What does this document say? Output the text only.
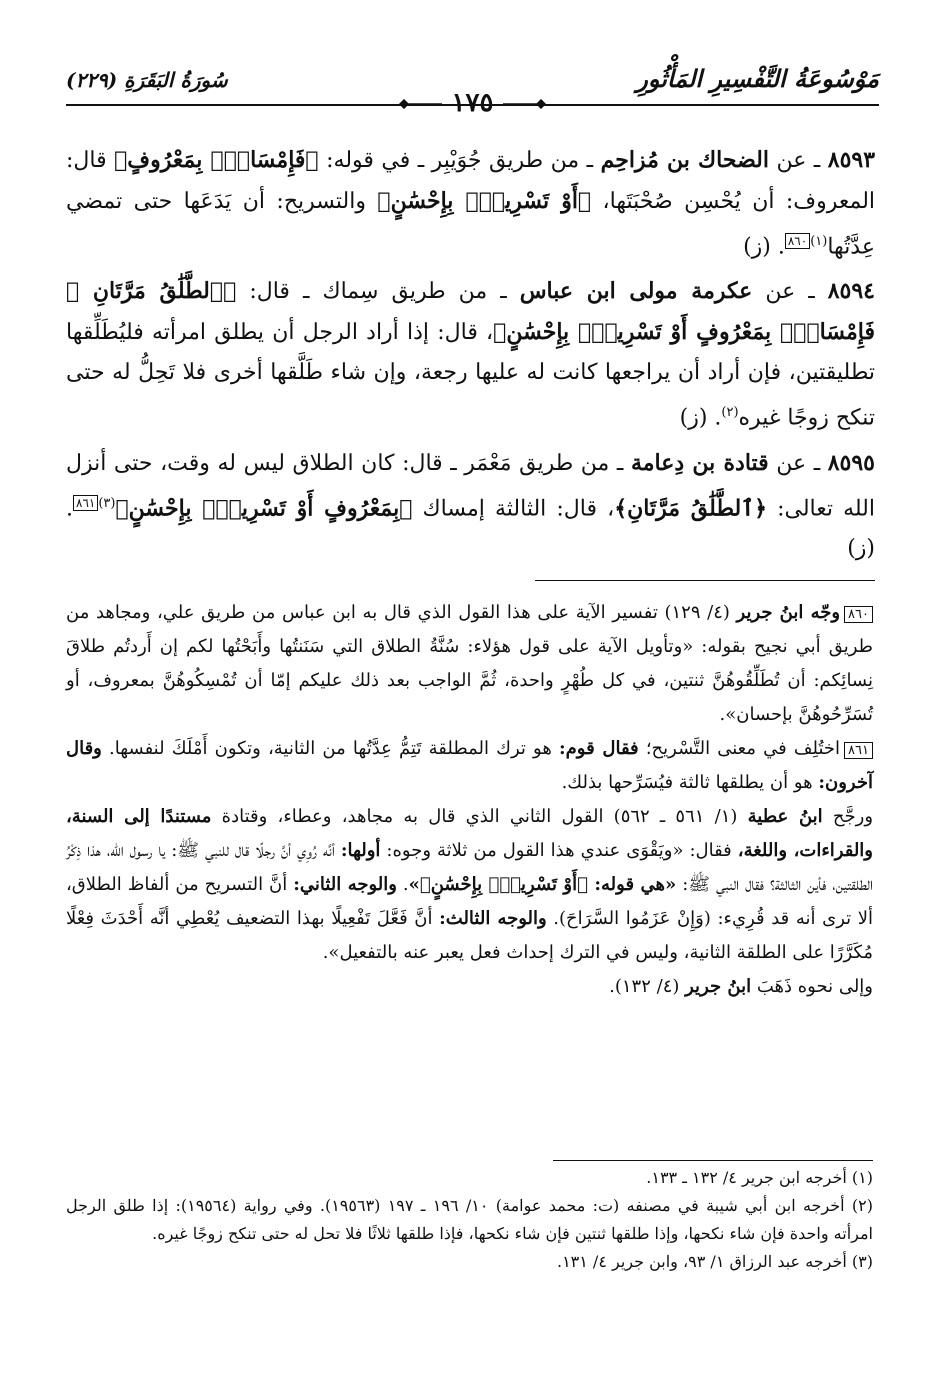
مَوْسُوعَةُ التَّفْسِيرِ المَأْثُورِ
سُورَةُ البَقَرَةِ (٢٢٩)
١٧٥

٨٥٩٣ ـ عن الضحاك بن مُزاحِم ـ من طريق جُوَيْبِر ـ في قوله: ﴿فَإِمْسَاكٌۢ بِمَعْرُوفٍ﴾ قال: المعروف: أن يُحْسِن صُحْبَتَها، ﴿أَوْ تَسْرِيحٌۢ بِإِحْسَٰنٍ﴾ والتسريح: أن يَدَعَها حتى تمضي عِدَّتُها$^{(١)}$٨٦٠. (ز)

٨٥٩٤ ـ عن عكرمة مولى ابن عباس ـ من طريق سِماك ـ قال: ﴿ٱلطَّلَٰقُ مَرَّتَانِ ۖ فَإِمْسَاكٌۢ بِمَعْرُوفٍ أَوْ تَسْرِيحٌۢ بِإِحْسَٰنٍ﴾، قال: إذا أراد الرجل أن يطلق امرأته فليُطَلِّقها تطليقتين، فإن أراد أن يراجعها كانت له عليها رجعة، وإن شاء طَلَّقها أخرى فلا تَحِلُّ له حتى تنكح زوجًا غيره$^{(٢)}$. (ز)

٨٥٩٥ ـ عن قتادة بن دِعامة ـ من طريق مَعْمَر ـ قال: كان الطلاق ليس له وقت، حتى أنزل الله تعالى: ﴿ٱلطَّلَٰقُ مَرَّتَانِ﴾، قال: الثالثة إمساك ﴿بِمَعْرُوفٍ أَوْ تَسْرِيحٌۢ بِإِحْسَٰنٍ﴾$^{(٣)}$٨٦١. (ز)

٨٦٠وجّه ابنُ جرير (٤/ ١٢٩) تفسير الآية على هذا القول الذي قال به ابن عباس من طريق علي، ومجاهد من طريق أبي نجيح بقوله: «وتأويل الآية على قول هؤلاء: سُنَّةُ الطلاق التي سَنَنتُها وأَبَحْتُها لكم إن أَردتُم طلاقَ نِسائِكم: أن تُطَلِّقُوهُنَّ ثنتين، في كل طُهْرٍ واحدة، ثُمَّ الواجب بعد ذلك عليكم إمّا أن تُمْسِكُوهُنَّ بمعروف، أو تُسَرِّحُوهُنَّ بإحسان».

٨٦١اختُلِف في معنى التَّسْريح؛ فقال قوم: هو ترك المطلقة تَتِمُّ عِدَّتُها من الثانية، وتكون أَمْلَكَ لنفسها. وقال آخرون: هو أن يطلقها ثالثة فيُسَرِّحها بذلك.

ورجَّح ابنُ عطية (١/ ٥٦١ ـ ٥٦٢) القول الثاني الذي قال به مجاهد، وعطاء، وقتادة مستندًا إلى السنة، والقراءات، واللغة، فقال: «ويَقْوَى عندي هذا القول من ثلاثة وجوه: أولها: أنَّه رُوِي أنَّ رجلًا قال للنبي ﷺ: يا رسول الله، هذا ذِكْرُ الطلقتين، فأين الثالثة؟ فقال النبي ﷺ: «هي قوله: ﴿أَوْ تَسْرِيحٌۢ بِإِحْسَٰنٍ﴾». والوجه الثاني: أنَّ التسريح من ألفاظ الطلاق، ألا ترى أنه قد قُرِيء: (وَإِنْ عَزَمُوا السَّرَاحَ). والوجه الثالث: أنَّ فَعَّلَ تَفْعِيلًا بهذا التضعيف يُعْطِي أنَّه أَحْدَثَ فِعْلًا مُكَرَّرًا على الطلقة الثانية، وليس في الترك إحداث فعل يعبر عنه بالتفعيل».

وإلى نحوه ذَهَبَ ابنُ جرير (٤/ ١٣٢).

(١) أخرجه ابن جرير ٤/ ١٣٢ ـ ١٣٣.

(٢) أخرجه ابن أبي شيبة في مصنفه (ت: محمد عوامة) ١٠/ ١٩٦ ـ ١٩٧ (١٩٥٦٣). وفي رواية (١٩٥٦٤): إذا طلق الرجل امرأته واحدة فإن شاء نكحها، وإذا طلقها ثنتين فإن شاء نكحها، فإذا طلقها ثلاثًا فلا تحل له حتى تنكح زوجًا غيره.

(٣) أخرجه عبد الرزاق ١/ ٩٣، وابن جرير ٤/ ١٣١.
